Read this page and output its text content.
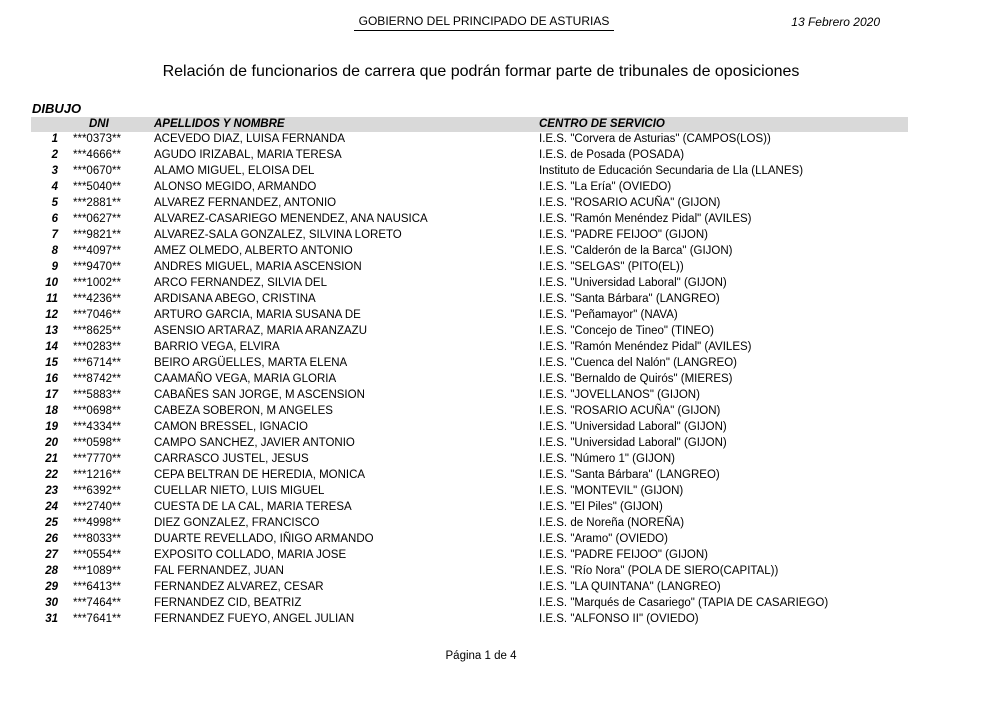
GOBIERNO DEL PRINCIPADO DE ASTURIAS	13 Febrero 2020
Relación de funcionarios de carrera que podrán formar parte de tribunales de oposiciones
DIBUJO
DNI	APELLIDOS Y NOMBRE	CENTRO DE SERVICIO
1 ***0373**	ACEVEDO DIAZ, LUISA FERNANDA	I.E.S. "Corvera de Asturias" (CAMPOS(LOS))
2 ***4666**	AGUDO IRIZABAL, MARIA TERESA	I.E.S. de Posada (POSADA)
3 ***0670**	ALAMO MIGUEL, ELOISA DEL	Instituto de Educación Secundaria de Lla (LLANES)
4 ***5040**	ALONSO MEGIDO, ARMANDO	I.E.S. "La Ería" (OVIEDO)
5 ***2881**	ALVAREZ FERNANDEZ, ANTONIO	I.E.S. "ROSARIO ACUÑA" (GIJON)
6 ***0627**	ALVAREZ-CASARIEGO MENENDEZ, ANA NAUSICA	I.E.S. "Ramón Menéndez Pidal" (AVILES)
7 ***9821**	ALVAREZ-SALA GONZALEZ, SILVINA LORETO	I.E.S. "PADRE FEIJOO" (GIJON)
8 ***4097**	AMEZ OLMEDO, ALBERTO ANTONIO	I.E.S. "Calderón de la Barca" (GIJON)
9 ***9470**	ANDRES MIGUEL, MARIA ASCENSION	I.E.S. "SELGAS" (PITO(EL))
10 ***1002**	ARCO FERNANDEZ, SILVIA DEL	I.E.S. "Universidad Laboral" (GIJON)
11 ***4236**	ARDISANA ABEGO, CRISTINA	I.E.S. "Santa Bárbara" (LANGREO)
12 ***7046**	ARTURO GARCIA, MARIA SUSANA DE	I.E.S. "Peñamayor" (NAVA)
13 ***8625**	ASENSIO ARTARAZ, MARIA ARANZAZU	I.E.S. "Concejo de Tineo" (TINEO)
14 ***0283**	BARRIO VEGA, ELVIRA	I.E.S. "Ramón Menéndez Pidal" (AVILES)
15 ***6714**	BEIRO ARGÜELLES, MARTA ELENA	I.E.S. "Cuenca del Nalón" (LANGREO)
16 ***8742**	CAAMAÑO VEGA, MARIA GLORIA	I.E.S. "Bernaldo de Quirós" (MIERES)
17 ***5883**	CABAÑES SAN JORGE, M ASCENSION	I.E.S. "JOVELLANOS" (GIJON)
18 ***0698**	CABEZA SOBERON, M ANGELES	I.E.S. "ROSARIO ACUÑA" (GIJON)
19 ***4334**	CAMON BRESSEL, IGNACIO	I.E.S. "Universidad Laboral" (GIJON)
20 ***0598**	CAMPO SANCHEZ, JAVIER ANTONIO	I.E.S. "Universidad Laboral" (GIJON)
21 ***7770**	CARRASCO JUSTEL, JESUS	I.E.S. "Número 1" (GIJON)
22 ***1216**	CEPA BELTRAN DE HEREDIA, MONICA	I.E.S. "Santa Bárbara" (LANGREO)
23 ***6392**	CUELLAR NIETO, LUIS MIGUEL	I.E.S. "MONTEVIL" (GIJON)
24 ***2740**	CUESTA DE LA CAL, MARIA TERESA	I.E.S. "El Piles" (GIJON)
25 ***4998**	DIEZ GONZALEZ, FRANCISCO	I.E.S. de Noreña (NOREÑA)
26 ***8033**	DUARTE REVELLADO, IÑIGO ARMANDO	I.E.S. "Aramo" (OVIEDO)
27 ***0554**	EXPOSITO COLLADO, MARIA JOSE	I.E.S. "PADRE FEIJOO" (GIJON)
28 ***1089**	FAL FERNANDEZ, JUAN	I.E.S. "Río Nora" (POLA DE SIERO(CAPITAL))
29 ***6413**	FERNANDEZ ALVAREZ, CESAR	I.E.S. "LA QUINTANA" (LANGREO)
30 ***7464**	FERNANDEZ CID, BEATRIZ	I.E.S. "Marqués de Casariego" (TAPIA DE CASARIEGO)
31 ***7641**	FERNANDEZ FUEYO, ANGEL JULIAN	I.E.S. "ALFONSO II" (OVIEDO)
Página 1 de 4
